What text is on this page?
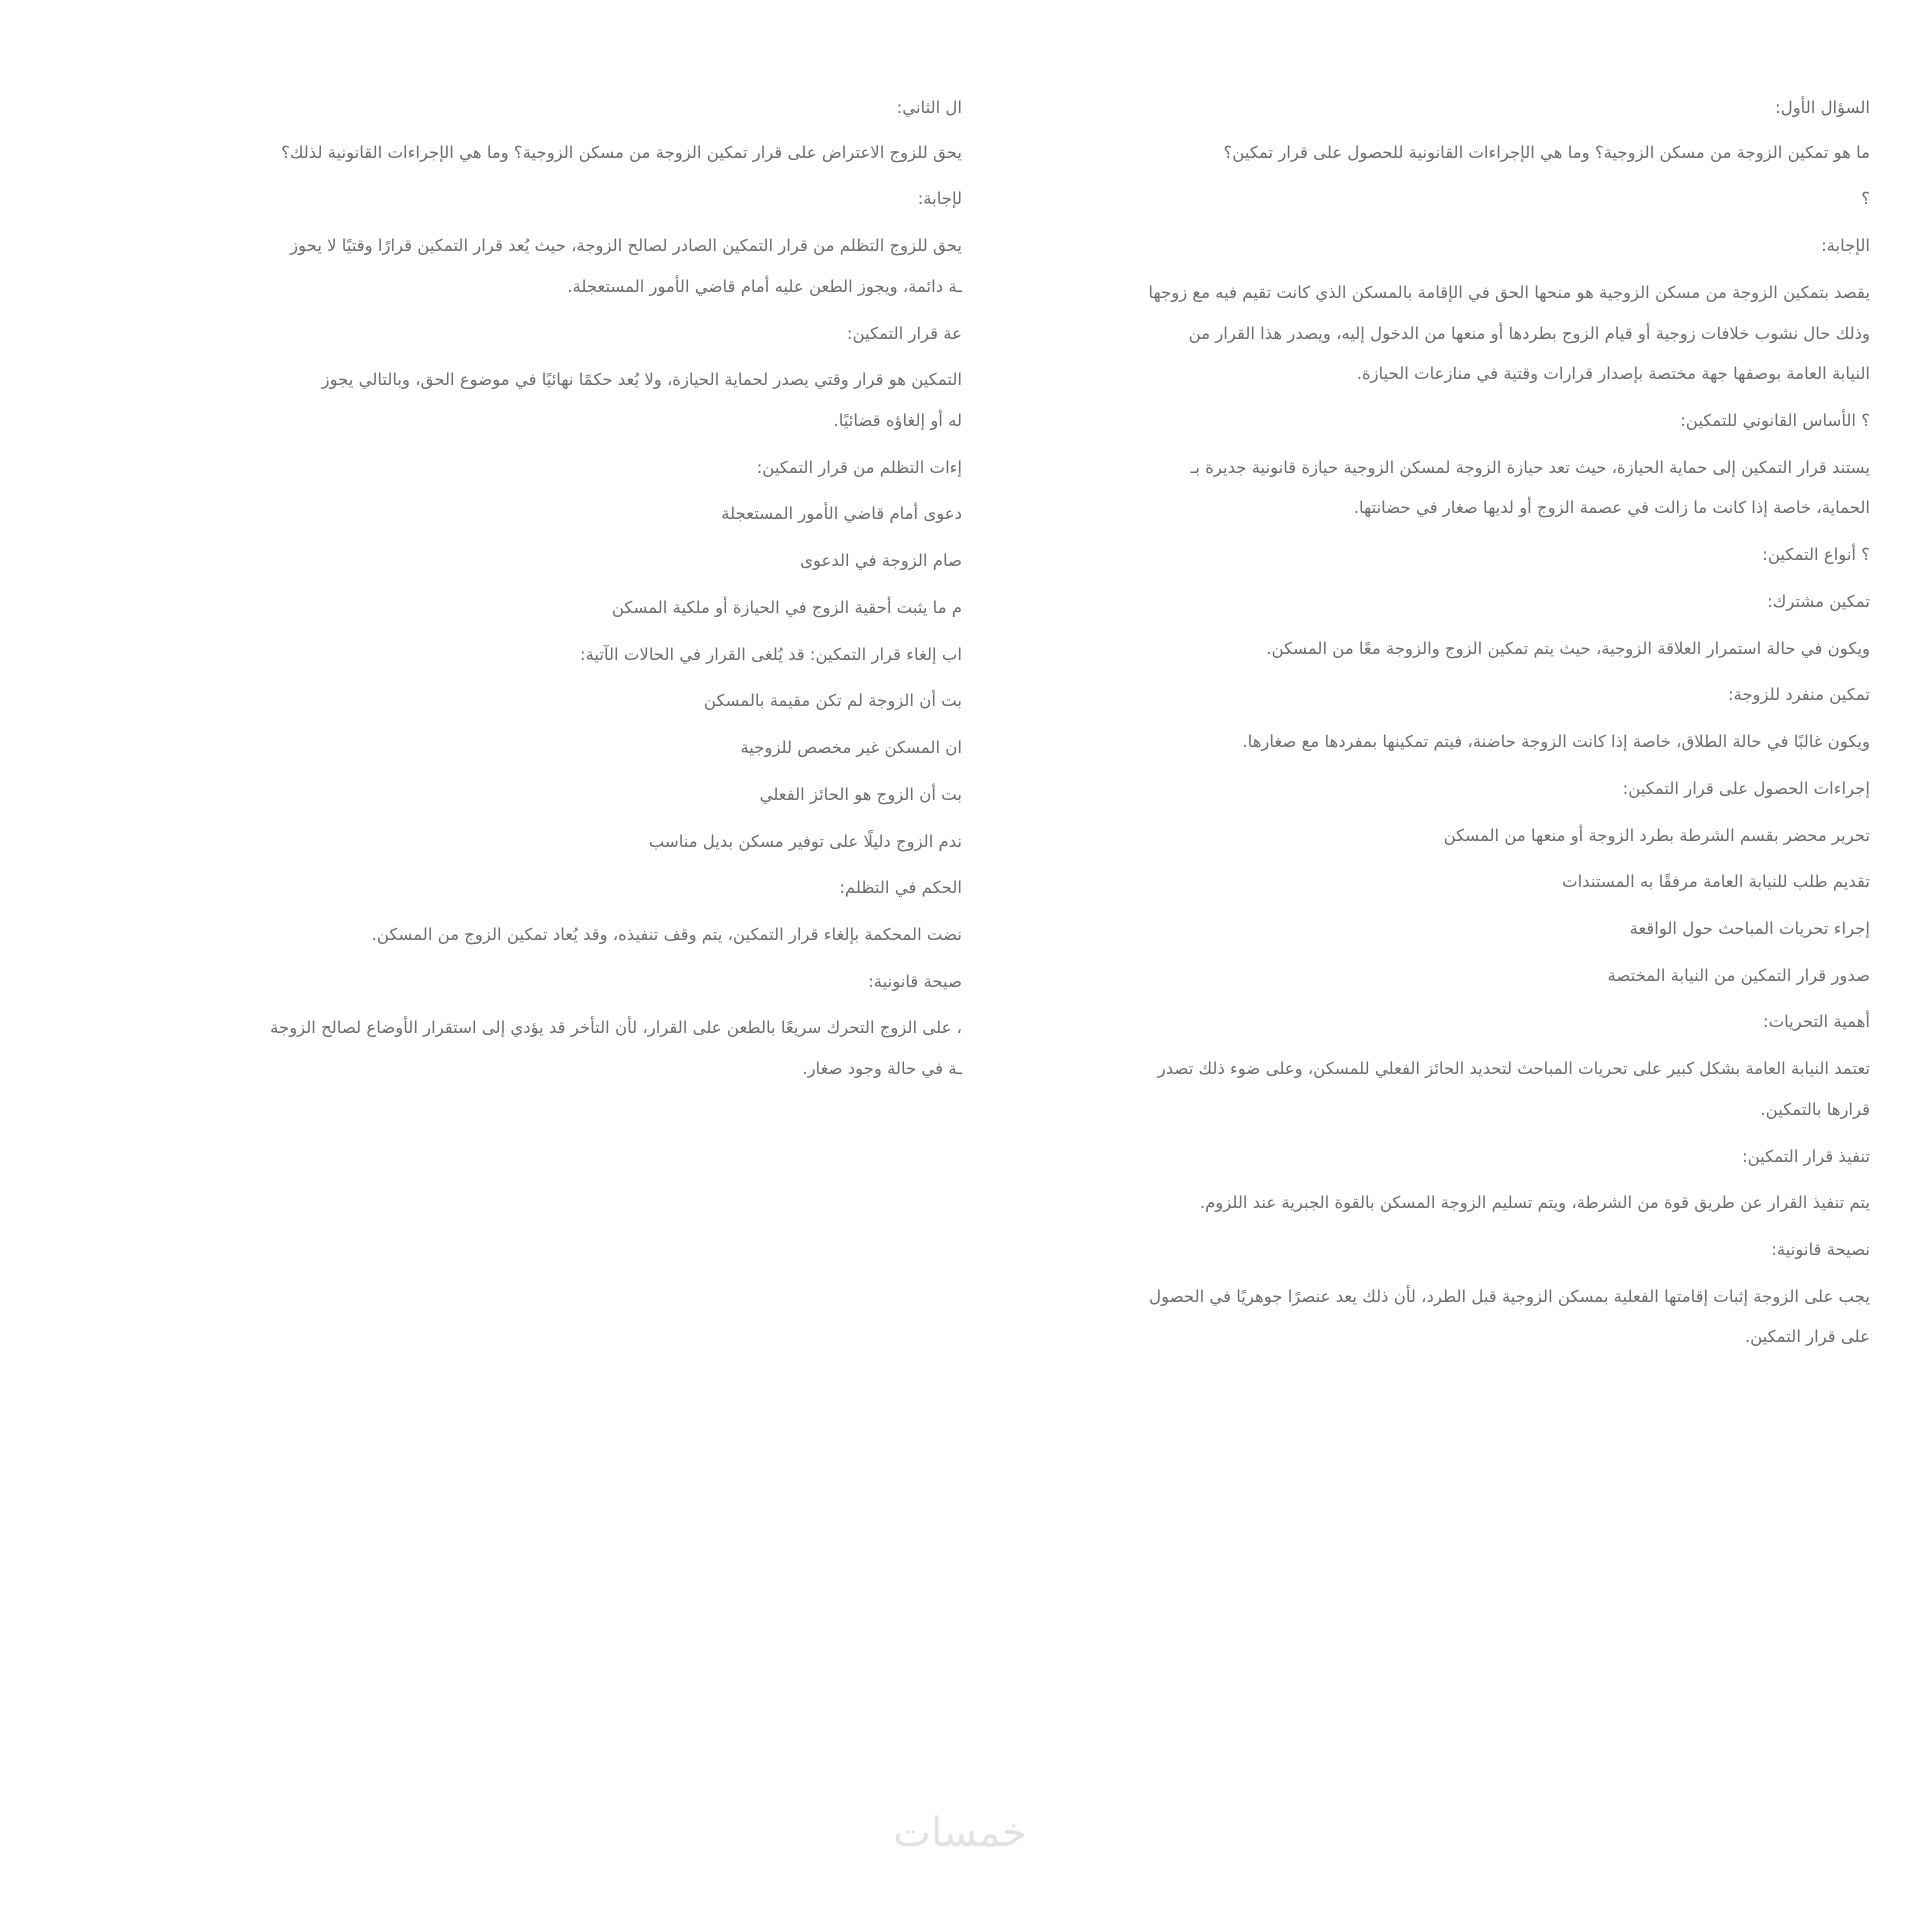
السؤال الأول:

ما هو تمكين الزوجة من مسكن الزوجية؟ وما هي الإجراءات القانونية للحصول على قرار تمكين؟

؟

الإجابة:

يقصد بتمكين الزوجة من مسكن الزوجية هو منحها الحق في الإقامة بالمسكن الذي كانت تقيم فيه مع زوجها

وذلك حال نشوب خلافات زوجية أو قيام الزوج بطردها أو منعها من الدخول إليه، ويصدر هذا القرار من

النيابة العامة بوصفها جهة مختصة بإصدار قرارات وقتية في منازعات الحيازة.

؟ الأساس القانوني للتمكين:

يستند قرار التمكين إلى حماية الحيازة، حيث تعد حيازة الزوجة لمسكن الزوجية حيازة قانونية جديرة بـ

الحماية، خاصة إذا كانت ما زالت في عصمة الزوج أو لديها صغار في حضانتها.

؟ أنواع التمكين:

تمكين مشترك:

ويكون في حالة استمرار العلاقة الزوجية، حيث يتم تمكين الزوج والزوجة معًا من المسكن.

تمكين منفرد للزوجة:

ويكون غالبًا في حالة الطلاق، خاصة إذا كانت الزوجة حاضنة، فيتم تمكينها بمفردها مع صغارها.

إجراءات الحصول على قرار التمكين:

تحرير محضر بقسم الشرطة بطرد الزوجة أو منعها من المسكن

تقديم طلب للنيابة العامة مرفقًا به المستندات

إجراء تحريات المباحث حول الواقعة

صدور قرار التمكين من النيابة المختصة

أهمية التحريات:

تعتمد النيابة العامة بشكل كبير على تحريات المباحث لتحديد الحائز الفعلي للمسكن، وعلى ضوء ذلك تصدر

قرارها بالتمكين.

تنفيذ قرار التمكين:

يتم تنفيذ القرار عن طريق قوة من الشرطة، ويتم تسليم الزوجة المسكن بالقوة الجبرية عند اللزوم.

نصيحة قانونية:

يجب على الزوجة إثبات إقامتها الفعلية بمسكن الزوجية قبل الطرد، لأن ذلك يعد عنصرًا جوهريًا في الحصول

على قرار التمكين.

ال الثاني:

يحق للزوج الاعتراض على قرار تمكين الزوجة من مسكن الزوجية؟ وما هي الإجراءات القانونية لذلك؟

لإجابة:

يحق للزوج التظلم من قرار التمكين الصادر لصالح الزوجة، حيث يُعد قرار التمكين قرارًا وقتيًا لا يحوز

ـة دائمة، ويجوز الطعن عليه أمام قاضي الأمور المستعجلة.

عة قرار التمكين:

التمكين هو قرار وقتي يصدر لحماية الحيازة، ولا يُعد حكمًا نهائيًا في موضوع الحق، وبالتالي يجوز

له أو إلغاؤه قضائيًا.

إءات التظلم من قرار التمكين:

دعوى أمام قاضي الأمور المستعجلة

صام الزوجة في الدعوى

م ما يثبت أحقية الزوج في الحيازة أو ملكية المسكن

اب إلغاء قرار التمكين: قد يُلغى القرار في الحالات الآتية:

بت أن الزوجة لم تكن مقيمة بالمسكن

ان المسكن غير مخصص للزوجية

بت أن الزوج هو الحائز الفعلي

ندم الزوج دليلًا على توفير مسكن بديل مناسب

الحكم في التظلم:

نضت المحكمة بإلغاء قرار التمكين، يتم وقف تنفيذه، وقد يُعاد تمكين الزوج من المسكن.

صيحة قانونية:

، على الزوج التحرك سريعًا بالطعن على القرار، لأن التأخر قد يؤدي إلى استقرار الأوضاع لصالح الزوجة

ـة في حالة وجود صغار.

خمسات
